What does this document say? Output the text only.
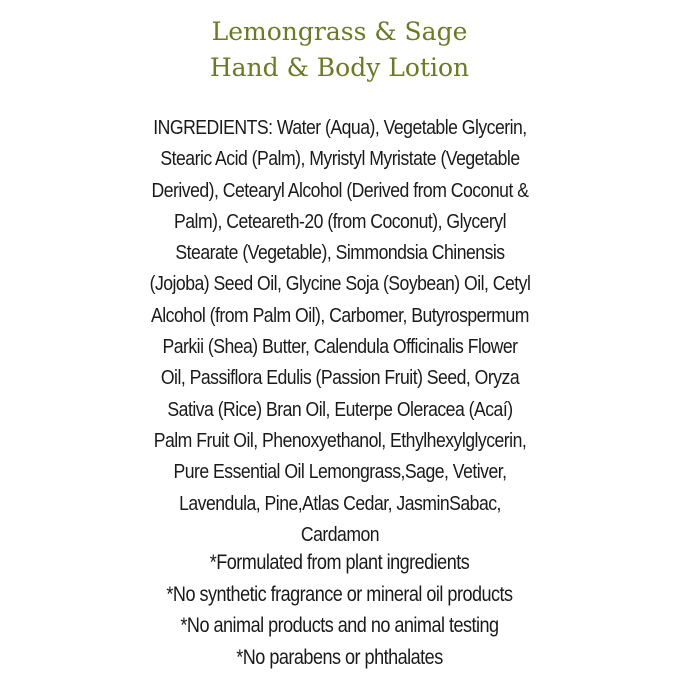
Lemongrass & Sage
Hand & Body Lotion
INGREDIENTS: Water (Aqua), Vegetable Glycerin,
Stearic Acid (Palm), Myristyl Myristate (Vegetable
Derived), Cetearyl Alcohol (Derived from Coconut &
Palm), Ceteareth-20 (from Coconut), Glyceryl
Stearate (Vegetable), Simmondsia Chinensis
(Jojoba) Seed Oil, Glycine Soja (Soybean) Oil, Cetyl
Alcohol (from Palm Oil), Carbomer, Butyrospermum
Parkii (Shea) Butter, Calendula Officinalis Flower
Oil, Passiflora Edulis (Passion Fruit) Seed, Oryza
Sativa (Rice) Bran Oil, Euterpe Oleracea (Acaí)
Palm Fruit Oil, Phenoxyethanol, Ethylhexylglycerin,
Pure Essential Oil Lemongrass,Sage, Vetiver,
Lavendula, Pine,Atlas Cedar, JasminSabac,
Cardamon
*Formulated from plant ingredients
*No synthetic fragrance or mineral oil products
*No animal products and no animal testing
*No parabens or phthalates
